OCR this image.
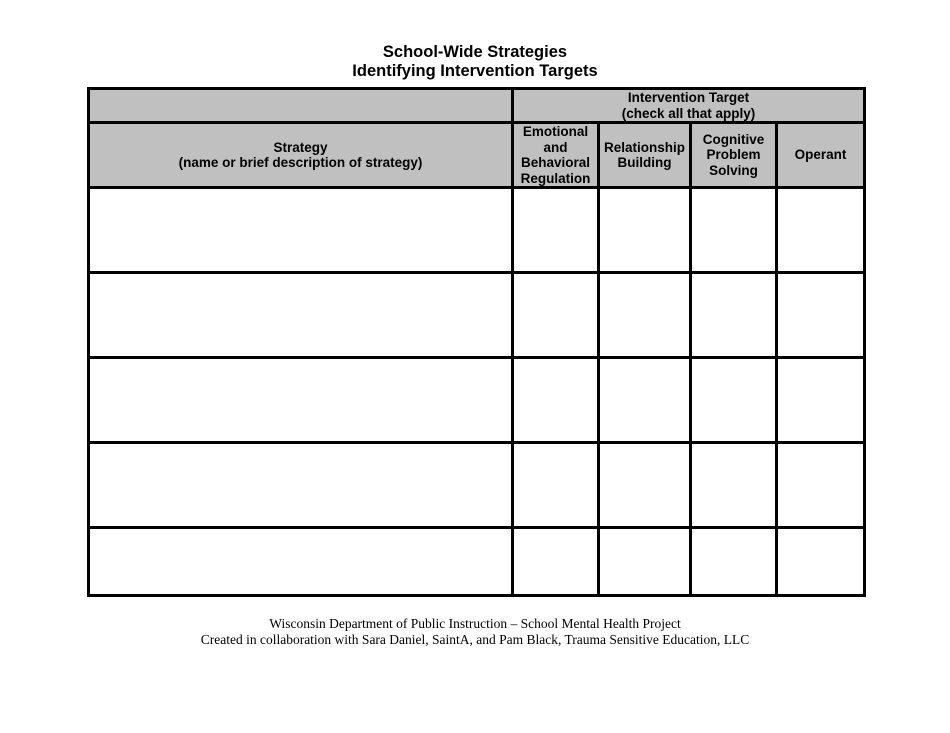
School-Wide Strategies
Identifying Intervention Targets

	Intervention Target
(check all that apply)			

Strategy
(name or brief description of strategy)	Emotional
and
Behavioral
Regulation	Relationship
Building	Cognitive
Problem
Solving	Operant

Wisconsin Department of Public Instruction – School Mental Health Project
Created in collaboration with Sara Daniel, SaintA, and Pam Black, Trauma Sensitive Education, LLC
